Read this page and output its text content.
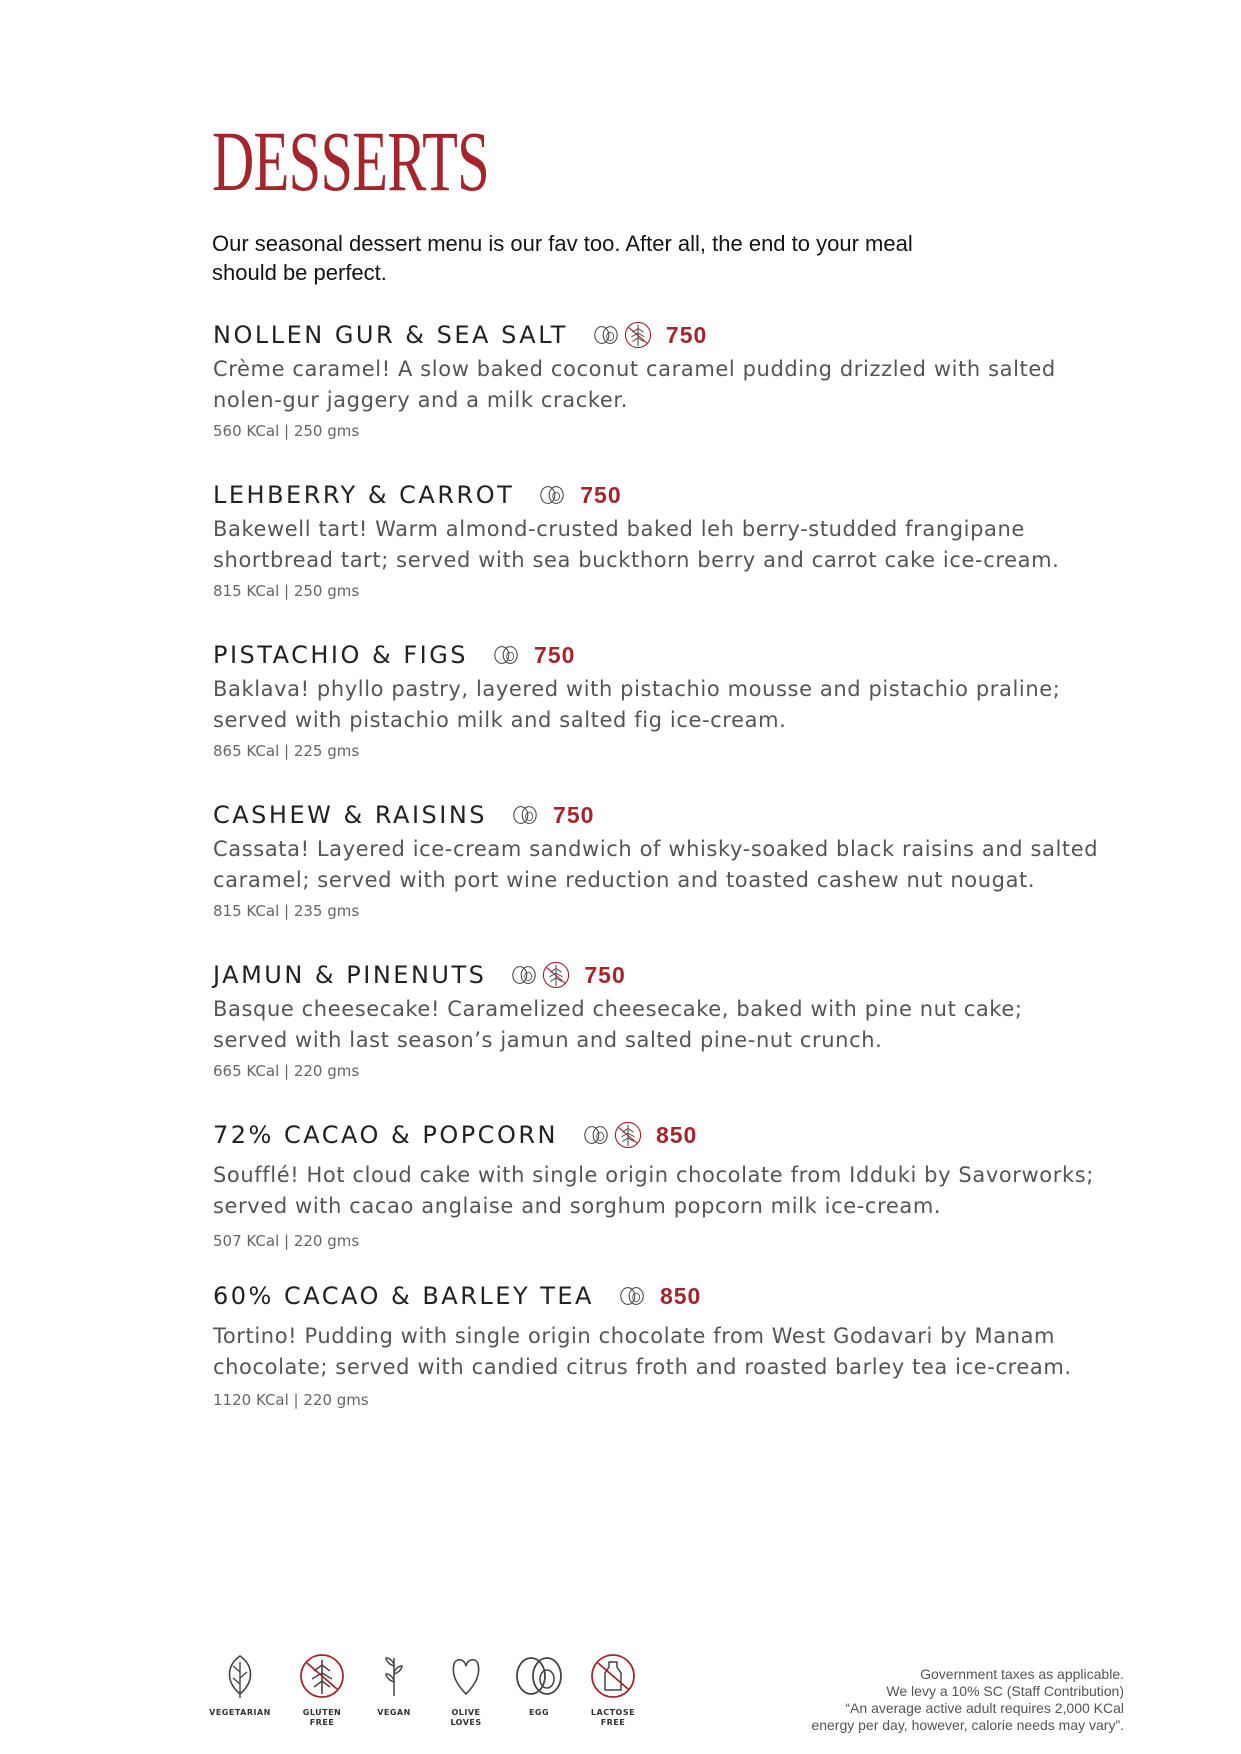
DESSERTS
Our seasonal dessert menu is our fav too. After all, the end to your meal
should be perfect.
NOLLEN GUR & SEA SALT	750
Crème caramel! A slow baked coconut caramel pudding drizzled with salted
nolen-gur jaggery and a milk cracker.
560 KCal | 250 gms
LEHBERRY & CARROT	750
Bakewell tart! Warm almond-crusted baked leh berry-studded frangipane
shortbread tart; served with sea buckthorn berry and carrot cake ice-cream.
815 KCal | 250 gms
PISTACHIO & FIGS	750
Baklava! phyllo pastry, layered with pistachio mousse and pistachio praline;
served with pistachio milk and salted fig ice-cream.
865 KCal | 225 gms
CASHEW & RAISINS	750
Cassata! Layered ice-cream sandwich of whisky-soaked black raisins and salted
caramel; served with port wine reduction and toasted cashew nut nougat.
815 KCal | 235 gms
JAMUN & PINENUTS	750
Basque cheesecake! Caramelized cheesecake, baked with pine nut cake;
served with last season’s jamun and salted pine-nut crunch.
665 KCal | 220 gms
72% CACAO & POPCORN	850
Soufflé! Hot cloud cake with single origin chocolate from Idduki by Savorworks;
served with cacao anglaise and sorghum popcorn milk ice-cream.
507 KCal | 220 gms
60% CACAO & BARLEY TEA	850
Tortino! Pudding with single origin chocolate from West Godavari by Manam
chocolate; served with candied citrus froth and roasted barley tea ice-cream.
1120 KCal | 220 gms
VEGETARIAN	GLUTEN
FREE
VEGAN	OLIVE
LOVES
EGG	LACTOSE
FREE
Government taxes as applicable.
We levy a 10% SC (Staff Contribution)
“An average active adult requires 2,000 KCal
energy per day, however, calorie needs may vary”.
